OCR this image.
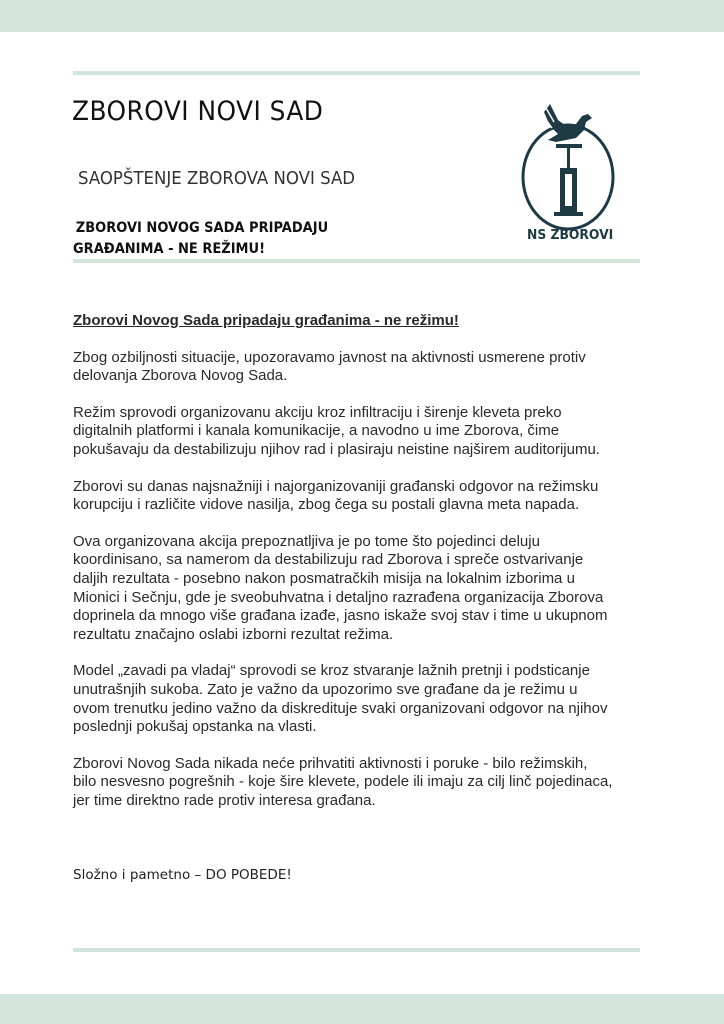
ZBOROVI NOVI SAD
SAOPŠTENJE ZBOROVA NOVI SAD
ZBOROVI NOVOG SADA PRIPADAJU
GRAĐANIMA - NE REŽIMU!
NS ZBOROVI
Zborovi Novog Sada pripadaju građanima - ne režimu!

Zbog ozbiljnosti situacije, upozoravamo javnost na aktivnosti usmerene protiv
delovanja Zborova Novog Sada.

Režim sprovodi organizovanu akciju kroz infiltraciju i širenje kleveta preko
digitalnih platformi i kanala komunikacije, a navodno u ime Zborova, čime
pokušavaju da destabilizuju njihov rad i plasiraju neistine najširem auditorijumu.

Zborovi su danas najsnažniji i najorganizovaniji građanski odgovor na režimsku
korupciju i različite vidove nasilja, zbog čega su postali glavna meta napada.

Ova organizovana akcija prepoznatljiva je po tome što pojedinci deluju
koordinisano, sa namerom da destabilizuju rad Zborova i spreče ostvarivanje
daljih rezultata - posebno nakon posmatračkih misija na lokalnim izborima u
Mionici i Sečnju, gde je sveobuhvatna i detaljno razrađena organizacija Zborova
doprinela da mnogo više građana izađe, jasno iskaže svoj stav i time u ukupnom
rezultatu značajno oslabi izborni rezultat režima.

Model „zavadi pa vladaj“ sprovodi se kroz stvaranje lažnih pretnji i podsticanje
unutrašnjih sukoba. Zato je važno da upozorimo sve građane da je režimu u
ovom trenutku jedino važno da diskredituje svaki organizovani odgovor na njihov
poslednji pokušaj opstanka na vlasti.

Zborovi Novog Sada nikada neće prihvatiti aktivnosti i poruke - bilo režimskih,
bilo nesvesno pogrešnih - koje šire klevete, podele ili imaju za cilj linč pojedinaca,
jer time direktno rade protiv interesa građana.

Složno i pametno – DO POBEDE!
